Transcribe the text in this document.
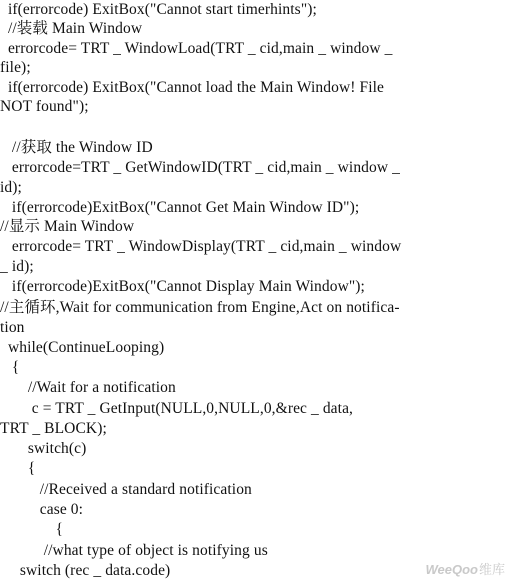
if(errorcode) ExitBox("Cannot start timerhints");
//装载 Main Window
errorcode= TRT _ WindowLoad(TRT _ cid,main _ window _
file);
if(errorcode) ExitBox("Cannot load the Main Window! File
NOT found");
//获取 the Window ID
errorcode=TRT _ GetWindowID(TRT _ cid,main _ window _
id);
if(errorcode)ExitBox("Cannot Get Main Window ID");
//显示 Main Window
errorcode= TRT _ WindowDisplay(TRT _ cid,main _ window
_ id);
if(errorcode)ExitBox("Cannot Display Main Window");
//主循环,Wait for communication from Engine,Act on notifica-
tion
while(ContinueLooping)
{
//Wait for a notification
c = TRT _ GetInput(NULL,0,NULL,0,&rec _ data,
TRT _ BLOCK);
switch(c)
{
//Received a standard notification
case 0:
{
//what type of object is notifying us
switch (rec _ data.code)	WeeQoo维库
